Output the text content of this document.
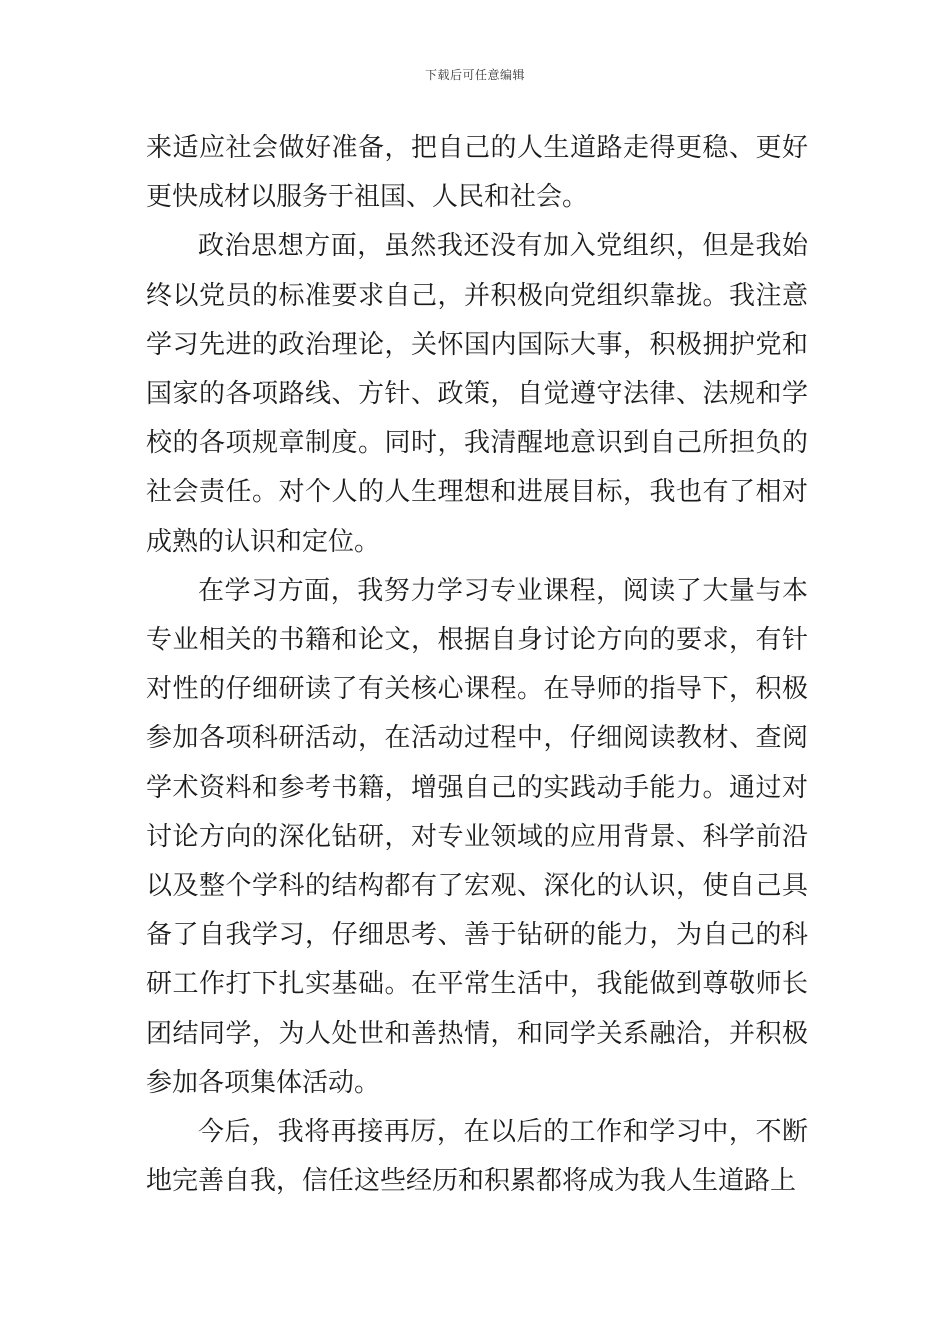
下载后可任意编辑

来适应社会做好准备，把自己的人生道路走得更稳、更好更快成材以服务于祖国、人民和社会。

政治思想方面，虽然我还没有加入党组织，但是我始终以党员的标准要求自己，并积极向党组织靠拢。我注意学习先进的政治理论，关怀国内国际大事，积极拥护党和国家的各项路线、方针、政策，自觉遵守法律、法规和学校的各项规章制度。同时，我清醒地意识到自己所担负的社会责任。对个人的人生理想和进展目标，我也有了相对成熟的认识和定位。

在学习方面，我努力学习专业课程，阅读了大量与本专业相关的书籍和论文，根据自身讨论方向的要求，有针对性的仔细研读了有关核心课程。在导师的指导下，积极参加各项科研活动，在活动过程中，仔细阅读教材、查阅学术资料和参考书籍，增强自己的实践动手能力。通过对讨论方向的深化钻研，对专业领域的应用背景、科学前沿以及整个学科的结构都有了宏观、深化的认识，使自己具备了自我学习，仔细思考、善于钻研的能力，为自己的科研工作打下扎实基础。在平常生活中，我能做到尊敬师长团结同学，为人处世和善热情，和同学关系融洽，并积极参加各项集体活动。

今后，我将再接再厉，在以后的工作和学习中，不断地完善自我，信任这些经历和积累都将成为我人生道路上
